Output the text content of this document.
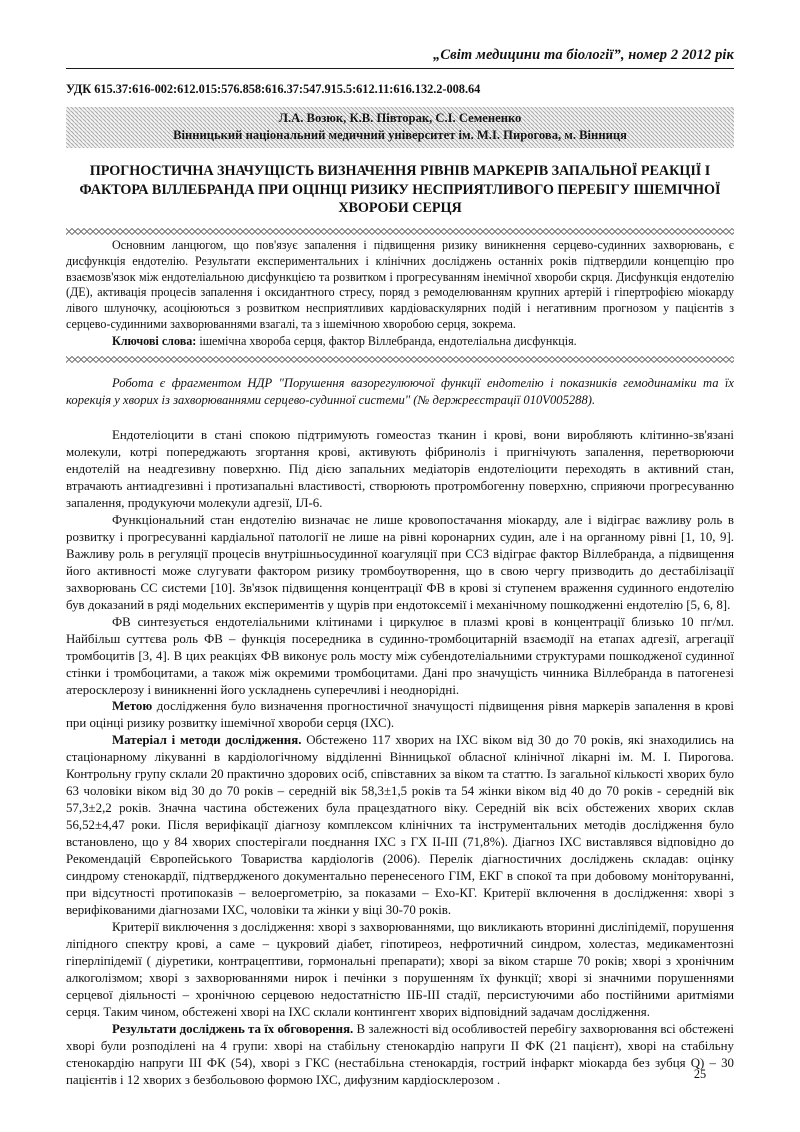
„Світ медицини та біології”, номер 2 2012 рік
УДК 615.37:616-002:612.015:576.858:616.37:547.915.5:612.11:616.132.2-008.64
Л.А. Возюк, К.В. Півторак, С.І. Семененко
Вінницький національний медичний університет ім. М.І. Пирогова, м. Вінниця
ПРОГНОСТИЧНА ЗНАЧУЩІСТЬ ВИЗНАЧЕННЯ РІВНІВ МАРКЕРІВ ЗАПАЛЬНОЇ РЕАКЦІЇ І
ФАКТОРА ВІЛЛЕБРАНДА ПРИ ОЦІНЦІ РИЗИКУ НЕСПРИЯТЛИВОГО ПЕРЕБІГУ ІШЕМІЧНОЇ
ХВОРОБИ СЕРЦЯ

Основним ланцюгом, що пов'язує запалення і підвищення ризику виникнення серцево-судинних захворювань, є дисфункція ендотелію. Результати експериментальних і клінічних досліджень останніх років підтвердили концепцію про взаємозв'язок між ендотеліальною дисфункцією та розвитком і прогресуванням інемічної хвороби скрця. Дисфункція ендотелію (ДЕ), активація процесів запалення і оксидантного стресу, поряд з ремоделюванням крупних артерій і гіпертрофією міокарду лівого шлуночку, асоціюються з розвитком несприятливих кардіоваскулярних подій і негативним прогнозом у пацієнтів з серцево-судинними захворюваннями взагалі, та з ішемічною хворобою серця, зокрема.

Ключові слова: ішемічна хвороба серця, фактор Віллебранда, ендотеліальна дисфункція.

Робота є фрагментом НДР "Порушення вазорегулюючої функції ендотелію і показників гемодинаміки та їх корекція у хворих із захворюваннями серцево-судинної системи" (№ держреєстрації 010V005288).

Ендотеліоцити в стані спокою підтримують гомеостаз тканин і крові, вони виробляють клітинно-зв'язані молекули, котрі попереджають згортання крові, активують фібриноліз і пригнічують запалення, перетворюючи ендотелій на неадгезивну поверхню. Під дією запальних медіаторів ендотеліоцити переходять в активний стан, втрачають антиадгезивні і протизапальні властивості, створюють протромбогенну поверхню, сприяючи прогресуванню запалення, продукуючи молекули адгезії, ІЛ-6.

Функціональний стан ендотелію визначає не лише кровопостачання міокарду, але і відіграє важливу роль в розвитку і прогресуванні кардіальної патології не лише на рівні коронарних судин, але і на органному рівні [1, 10, 9]. Важливу роль в регуляції процесів внутрішньосудинної коагуляції при ССЗ відіграє фактор Віллебранда, а підвищення його активності може слугувати фактором ризику тромбоутворення, що в свою чергу призводить до дестабілізації захворювань СС системи [10]. Зв'язок підвищення концентрації ФВ в крові зі ступенем враження судинного ендотелію був доказаний в ряді модельних експериментів у щурів при ендотоксемії і механічному пошкодженні ендотелію [5, 6, 8].

ФВ синтезується ендотеліальними клітинами і циркулює в плазмі крові в концентрації близько 10 пг/мл. Найбільш суттєва роль ФВ – функція посередника в судинно-тромбоцитарній взаємодії на етапах адгезії, агрегації тромбоцитів [3, 4]. В цих реакціях ФВ виконує роль мосту між субендотеліальними структурами пошкодженої судинної стінки і тромбоцитами, а також між окремими тромбоцитами. Дані про значущість чинника Віллебранда в патогенезі атеросклерозу і виникненні його ускладнень суперечливі і неоднорідні.

Метою дослідження було визначення прогностичної значущості підвищення рівня маркерів запалення в крові при оцінці ризику розвитку ішемічної хвороби серця (ІХС).

Матеріал і методи дослідження. Обстежено 117 хворих на ІХС віком від 30 до 70 років, які знаходились на стаціонарному лікуванні в кардіологічному відділенні Вінницької обласної клінічної лікарні ім. М. І. Пирогова. Контрольну групу склали 20 практично здорових осіб, співставних за віком та статтю. Із загальної кількості хворих було 63 чоловіки віком від 30 до 70 років – середній вік 58,3±1,5 років та 54 жінки віком від 40 до 70 років - середній вік 57,3±2,2 років. Значна частина обстежених була працездатного віку. Середній вік всіх обстежених хворих склав 56,52±4,47 роки. Після верифікації діагнозу комплексом клінічних та інструментальних методів дослідження було встановлено, що у 84 хворих спостерігали поєднання ІХС з ГХ ІІ-ІІІ (71,8%). Діагноз ІХС виставлявся відповідно до Рекомендацій Європейського Товариства кардіологів (2006). Перелік діагностичних досліджень складав: оцінку синдрому стенокардії, підтвердженого документально перенесеного ГІМ, ЕКГ в спокої та при добовому моніторуванні, при відсутності протипоказів – велоергометрію, за показами – Ехо-КГ. Критерії включення в дослідження: хворі з верифікованими діагнозами ІХС, чоловіки та жінки у віці 30-70 років.

Критерії виключення з дослідження: хворі з захворюваннями, що викликають вторинні дисліпідемії, порушення ліпідного спектру крові, а саме – цукровий діабет, гіпотиреоз, нефротичний синдром, холестаз, медикаментозні гіперліпідемії ( діуретики, контрацептиви, гормональні препарати); хворі за віком старше 70 років; хворі з хронічним алкоголізмом; хворі з захворюваннями нирок і печінки з порушенням їх функції; хворі зі значними порушеннями серцевої діяльності – хронічною серцевою недостатністю ІІБ-ІІІ стадії, персистуючими або постійними аритміями серця. Таким чином, обстежені хворі на ІХС склали контингент хворих відповідний задачам дослідження.

Результати досліджень та їх обговорення. В залежності від особливостей перебігу захворювання всі обстежені хворі були розподілені на 4 групи: хворі на стабільну стенокардію напруги ІІ ФК (21 пацієнт), хворі на стабільну стенокардію напруги ІІІ ФК (54), хворі з ГКС (нестабільна стенокардія, гострий інфаркт міокарда без зубця Q) – 30 пацієнтів і 12 хворих з безбольовою формою ІХС, дифузним кардіосклерозом .	25
